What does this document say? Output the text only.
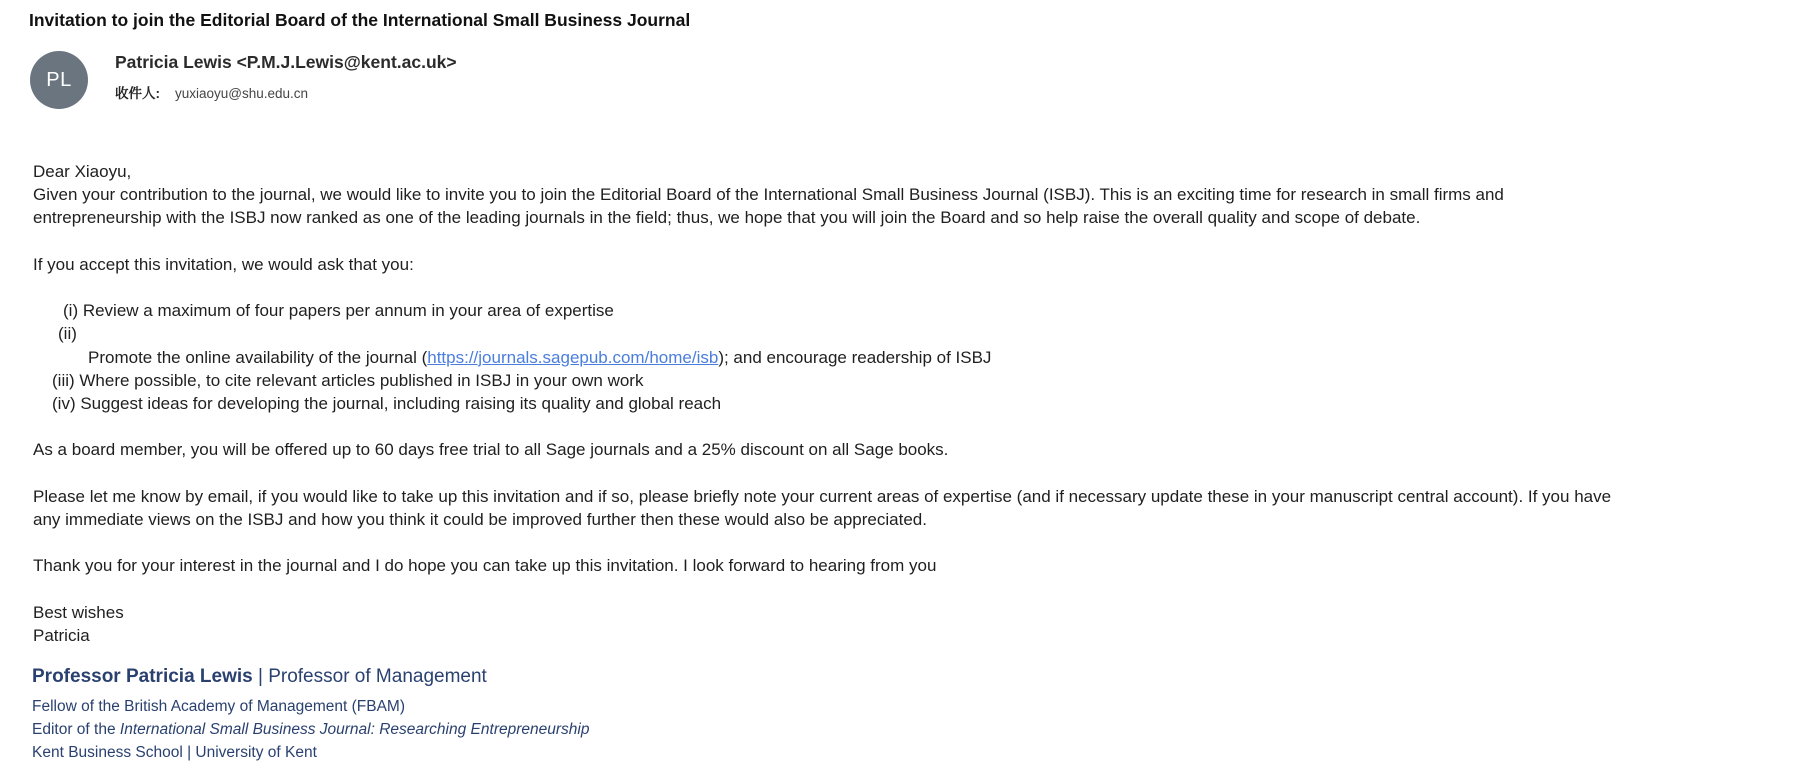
Invitation to join the Editorial Board of the International Small Business Journal
PL
Patricia Lewis <P.M.J.Lewis@kent.ac.uk>
收件人: yuxiaoyu@shu.edu.cn
Dear Xiaoyu,
Given your contribution to the journal, we would like to invite you to join the Editorial Board of the International Small Business Journal (ISBJ). This is an exciting time for research in small firms and
entrepreneurship with the ISBJ now ranked as one of the leading journals in the field; thus, we hope that you will join the Board and so help raise the overall quality and scope of debate.
If you accept this invitation, we would ask that you:
(i) Review a maximum of four papers per annum in your area of expertise
(ii)
Promote the online availability of the journal (https://journals.sagepub.com/home/isb); and encourage readership of ISBJ
(iii) Where possible, to cite relevant articles published in ISBJ in your own work
(iv) Suggest ideas for developing the journal, including raising its quality and global reach
As a board member, you will be offered up to 60 days free trial to all Sage journals and a 25% discount on all Sage books.
Please let me know by email, if you would like to take up this invitation and if so, please briefly note your current areas of expertise (and if necessary update these in your manuscript central account). If you have
any immediate views on the ISBJ and how you think it could be improved further then these would also be appreciated.
Thank you for your interest in the journal and I do hope you can take up this invitation. I look forward to hearing from you
Best wishes
Patricia
Professor Patricia Lewis | Professor of Management
Fellow of the British Academy of Management (FBAM)
Editor of the International Small Business Journal: Researching Entrepreneurship
Kent Business School | University of Kent
